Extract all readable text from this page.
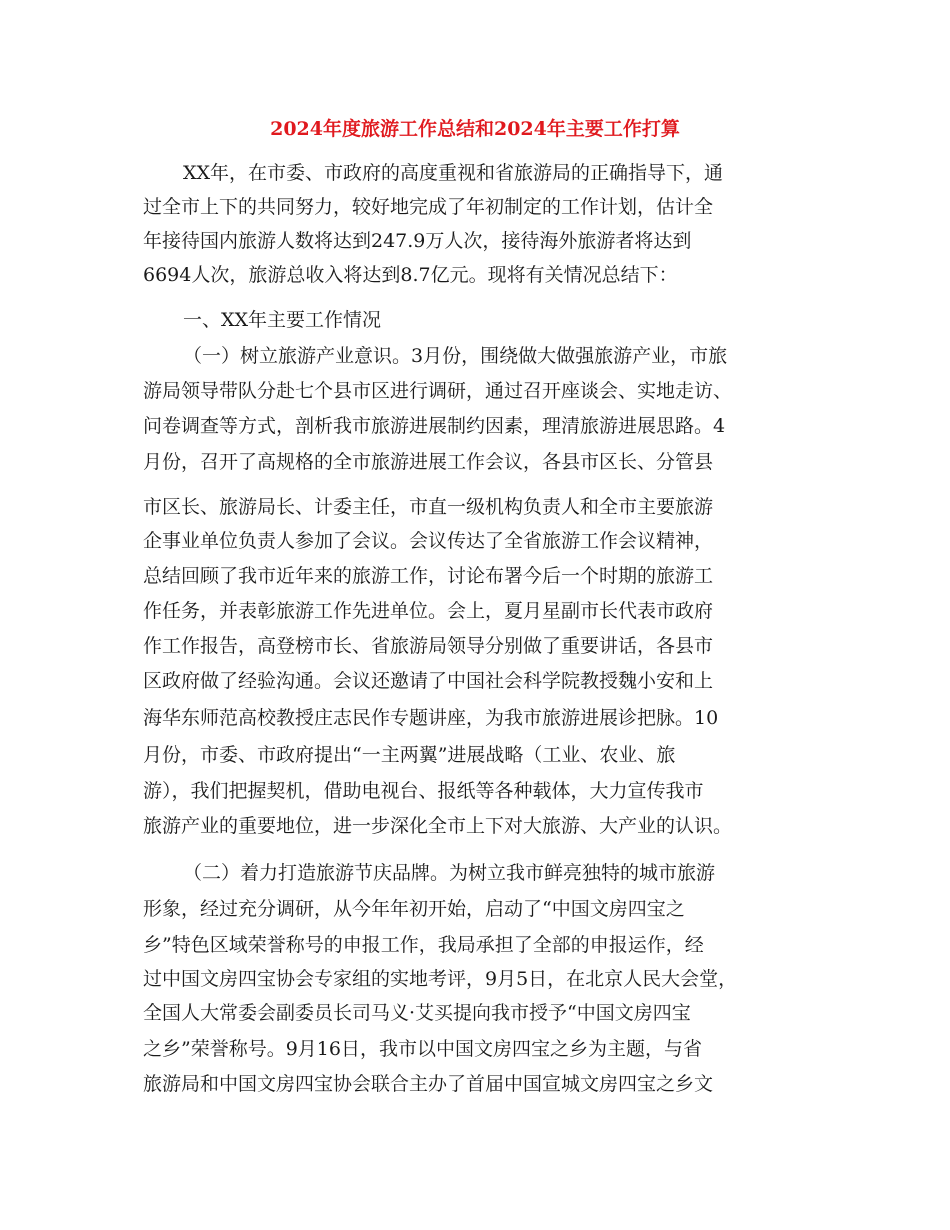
2024年度旅游工作总结和2024年主要工作打算
XX年，在市委、市政府的高度重视和省旅游局的正确指导下，通
过全市上下的共同努力，较好地完成了年初制定的工作计划，估计全
年接待国内旅游人数将达到247.9万人次，接待海外旅游者将达到
6694人次，旅游总收入将达到8.7亿元。现将有关情况总结下：
一、XX年主要工作情况
（一）树立旅游产业意识。3月份，围绕做大做强旅游产业，市旅
游局领导带队分赴七个县市区进行调研，通过召开座谈会、实地走访、
问卷调查等方式，剖析我市旅游进展制约因素，理清旅游进展思路。4
月份，召开了高规格的全市旅游进展工作会议，各县市区长、分管县
市区长、旅游局长、计委主任，市直一级机构负责人和全市主要旅游
企事业单位负责人参加了会议。会议传达了全省旅游工作会议精神，
总结回顾了我市近年来的旅游工作，讨论布署今后一个时期的旅游工
作任务，并表彰旅游工作先进单位。会上，夏月星副市长代表市政府
作工作报告，高登榜市长、省旅游局领导分别做了重要讲话，各县市
区政府做了经验沟通。会议还邀请了中国社会科学院教授魏小安和上
海华东师范高校教授庄志民作专题讲座，为我市旅游进展诊把脉。10
月份，市委、市政府提出“一主两翼”进展战略（工业、农业、旅
游），我们把握契机，借助电视台、报纸等各种载体，大力宣传我市
旅游产业的重要地位，进一步深化全市上下对大旅游、大产业的认识。
（二）着力打造旅游节庆品牌。为树立我市鲜亮独特的城市旅游
形象，经过充分调研，从今年年初开始，启动了“中国文房四宝之
乡”特色区域荣誉称号的申报工作，我局承担了全部的申报运作，经
过中国文房四宝协会专家组的实地考评，9月5日，在北京人民大会堂，
全国人大常委会副委员长司马义·艾买提向我市授予“中国文房四宝
之乡”荣誉称号。9月16日，我市以中国文房四宝之乡为主题，与省
旅游局和中国文房四宝协会联合主办了首届中国宣城文房四宝之乡文
